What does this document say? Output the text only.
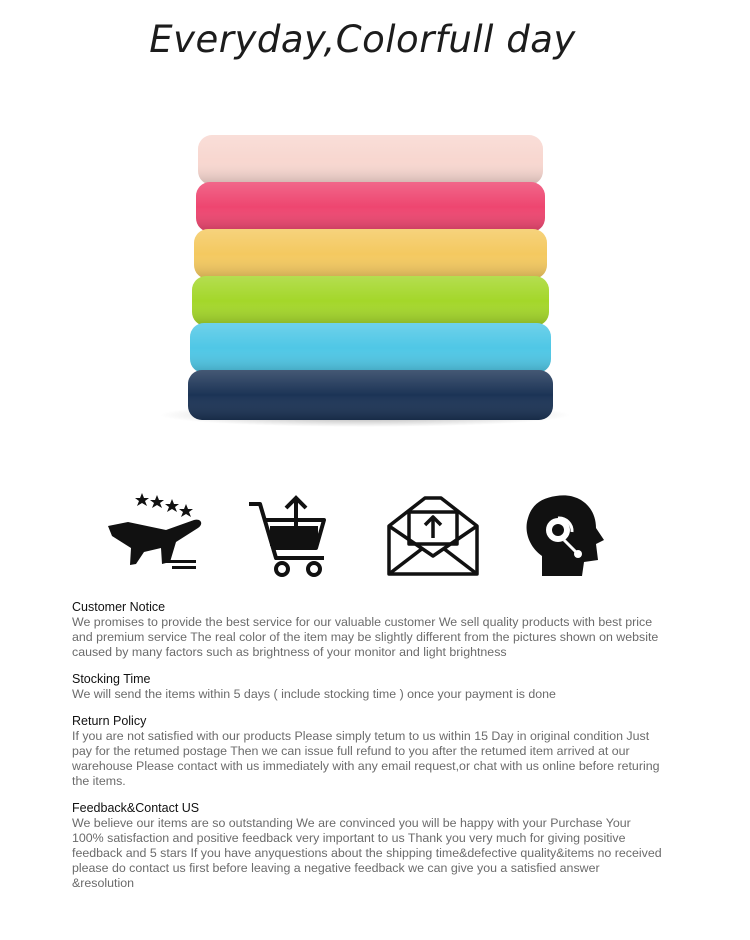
Everyday,Colorfull day
Customer Notice
We promises to provide the best service for our valuable customer We sell quality products with best price and premium service The real color of the item may be slightly different from the pictures shown on website caused by many factors such as brightness of your monitor and light brightness
Stocking Time
We will send the items within 5 days ( include stocking time ) once your payment is done
Return Policy
If you are not satisfied with our products Please simply tetum to us within 15 Day in original condition Just pay for the retumed postage Then we can issue full refund to you after the retumed item arrived at our warehouse Please contact with us immediately with any email request,or chat with us online before returing the items.
Feedback&Contact US
We believe our items are so outstanding We are convinced you will be happy with your Purchase Your 100% satisfaction and positive feedback very important to us Thank you very much for giving positive feedback and 5 stars If you have anyquestions about the shipping time&defective quality&items no received please do contact us first before leaving a negative feedback we can give you a satisfied answer &resolution
